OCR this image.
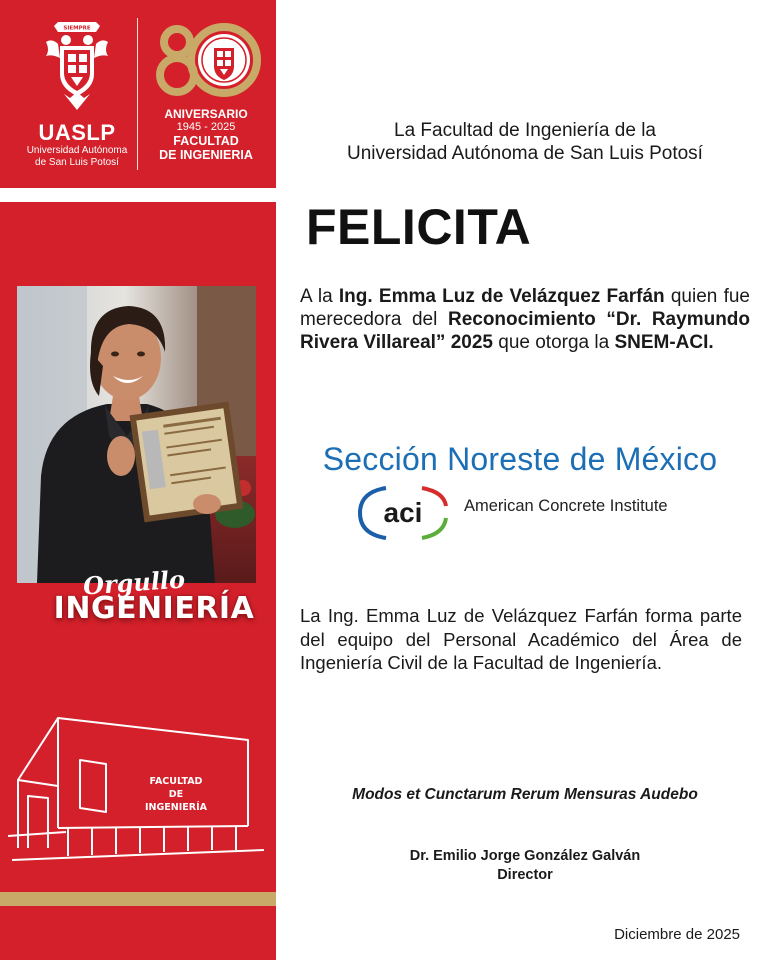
SIEMPRE
UASLP
Universidad Autónoma
de San Luis Potosí
ANIVERSARIO
1945 - 2025
FACULTAD
DE INGENIERIA
Orgullo
INGENIERÍA
FACULTAD
DE
INGENIERÍA
La Facultad de Ingeniería de la
Universidad Autónoma de San Luis Potosí
FELICITA
A la Ing. Emma Luz de Velázquez Farfán quien fue merecedora del Reconocimiento “Dr. Raymundo Rivera Villareal” 2025 que otorga la SNEM-ACI.
Sección Noreste de México
aci	American Concrete Institute
La Ing. Emma Luz de Velázquez Farfán forma parte del equipo del Personal Académico del Área de Ingeniería Civil de la Facultad de Ingeniería.
Modos et Cunctarum Rerum Mensuras Audebo
Dr. Emilio Jorge González Galván
Director
Diciembre de 2025
